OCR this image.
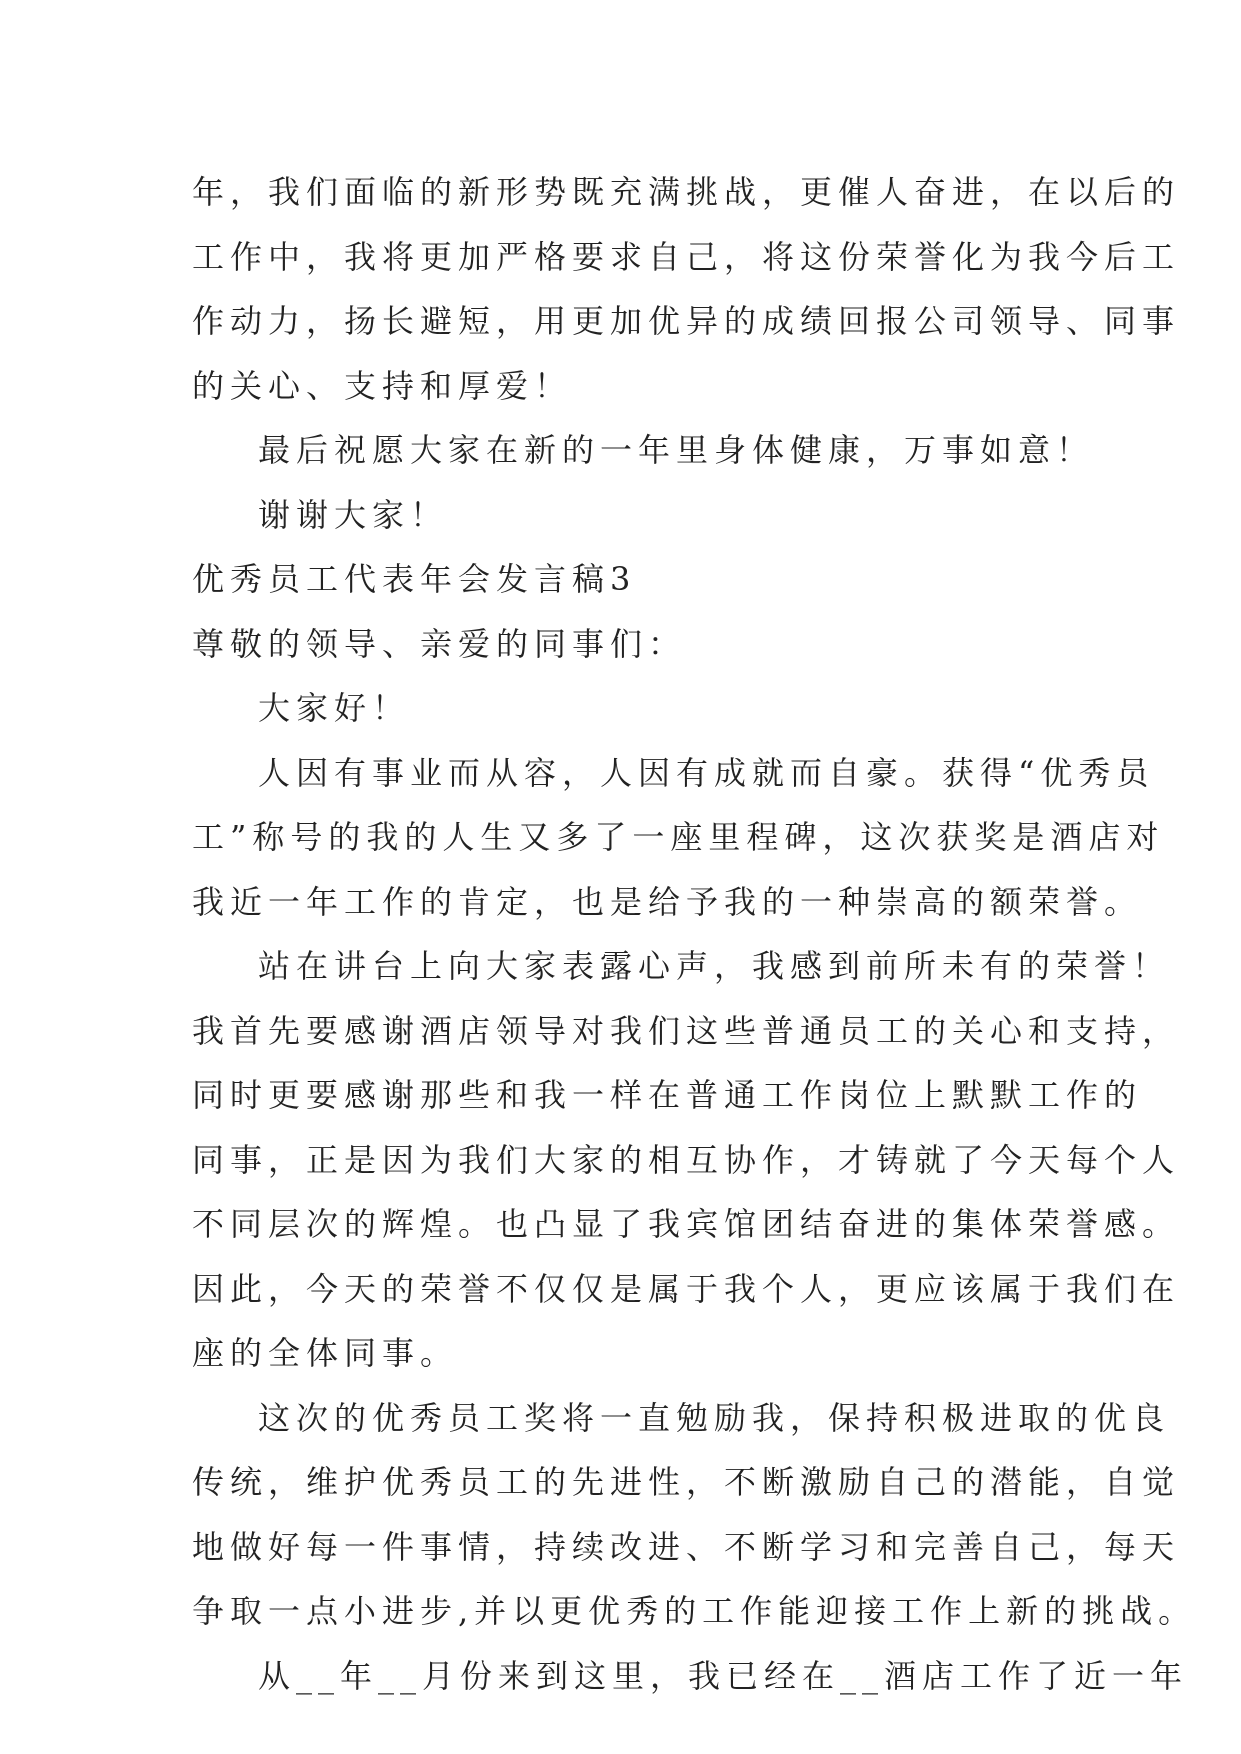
年，我们面临的新形势既充满挑战，更催人奋进，在以后的
工作中，我将更加严格要求自己，将这份荣誉化为我今后工
作动力，扬长避短，用更加优异的成绩回报公司领导、同事
的关心、支持和厚爱！
最后祝愿大家在新的一年里身体健康，万事如意！
谢谢大家！
优秀员工代表年会发言稿3
尊敬的领导、亲爱的同事们：
大家好！
人因有事业而从容，人因有成就而自豪。获得“优秀员
工”称号的我的人生又多了一座里程碑，这次获奖是酒店对
我近一年工作的肯定，也是给予我的一种崇高的额荣誉。
站在讲台上向大家表露心声，我感到前所未有的荣誉！
我首先要感谢酒店领导对我们这些普通员工的关心和支持，
同时更要感谢那些和我一样在普通工作岗位上默默工作的
同事，正是因为我们大家的相互协作，才铸就了今天每个人
不同层次的辉煌。也凸显了我宾馆团结奋进的集体荣誉感。
因此，今天的荣誉不仅仅是属于我个人，更应该属于我们在
座的全体同事。
这次的优秀员工奖将一直勉励我，保持积极进取的优良
传统，维护优秀员工的先进性，不断激励自己的潜能，自觉
地做好每一件事情，持续改进、不断学习和完善自己，每天
争取一点小进步,并以更优秀的工作能迎接工作上新的挑战。
从__年__月份来到这里，我已经在__酒店工作了近一年
